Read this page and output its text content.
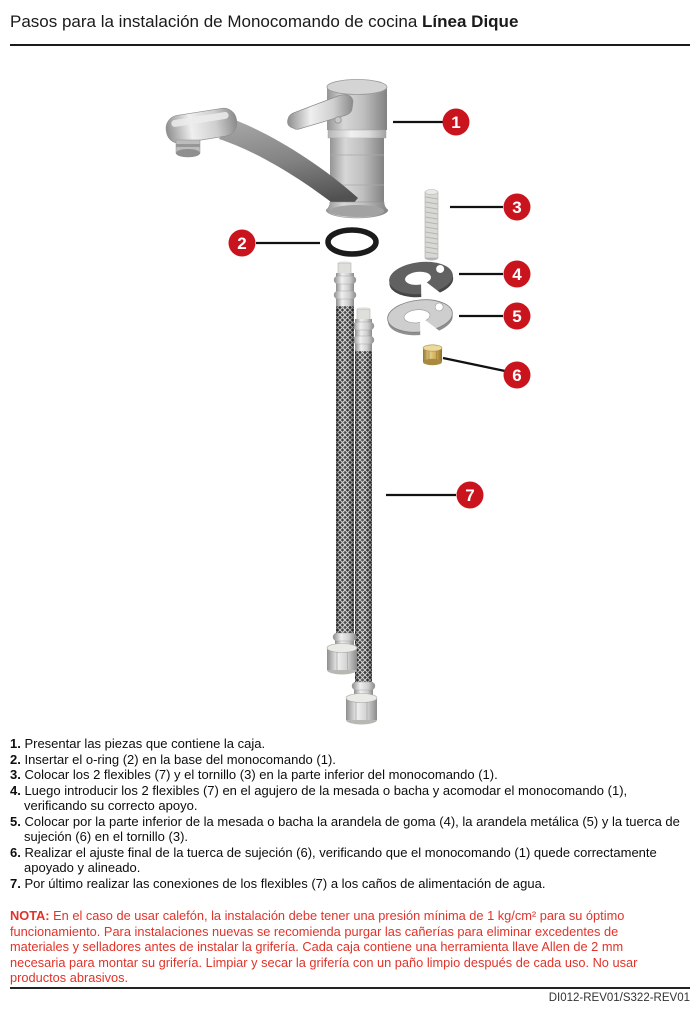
Pasos para la instalación de Monocomando de cocina Línea Dique
1
2
3
4
5
6
7
1. Presentar las piezas que contiene la caja.
2. Insertar el o-ring (2) en la base del monocomando (1).
3. Colocar los 2 flexibles (7) y el tornillo (3) en la parte inferior del monocomando (1).
4. Luego introducir los 2 flexibles (7) en el agujero de la mesada o bacha y acomodar el monocomando (1), verificando su correcto apoyo.
5. Colocar por la parte inferior de la mesada o bacha la arandela de goma (4), la arandela metálica (5) y la tuerca de sujeción (6) en el tornillo (3).
6. Realizar el ajuste final de la tuerca de sujeción (6), verificando que el monocomando (1) quede correctamente apoyado y alineado.
7. Por último realizar las conexiones de los flexibles (7) a los caños de alimentación de agua.

NOTA: En el caso de usar calefón, la instalación debe tener una presión mínima de 1 kg/cm² para su óptimo funcionamiento. Para instalaciones nuevas se recomienda purgar las cañerías para eliminar excedentes de materiales y selladores antes de instalar la grifería. Cada caja contiene una herramienta llave Allen de 2 mm necesaria para montar su grifería. Limpiar y secar la grifería con un paño limpio después de cada uso. No usar productos abrasivos.

DI012-REV01/S322-REV01
